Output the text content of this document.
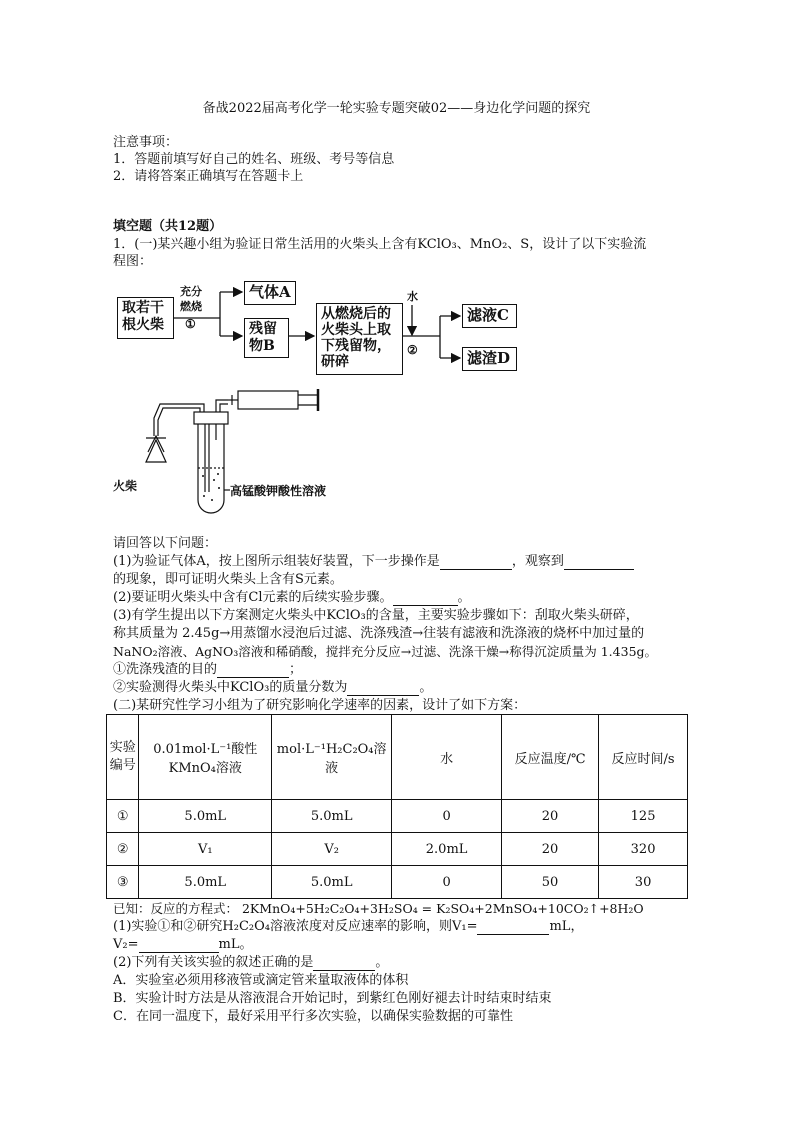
备战2022届高考化学一轮实验专题突破02——身边化学问题的探究
注意事项：
1．答题前填写好自己的姓名、班级、考号等信息
2．请将答案正确填写在答题卡上
填空题（共12题）
1．(一)某兴趣小组为验证日常生活用的火柴头上含有KClO₃、MnO₂、S，设计了以下实验流
程图：
取若干根火柴
充分
燃烧
①
气体A
残留物B
从燃烧后的火柴头上取下残留物，研碎
水
②
滤液C
滤渣D
火柴	高锰酸钾酸性溶液
请回答以下问题：
(1)为验证气体A，按上图所示组装好装置，下一步操作是	，观察到
的现象，即可证明火柴头上含有S元素。
(2)要证明火柴头中含有Cl元素的后续实验步骤。	。
(3)有学生提出以下方案测定火柴头中KClO₃的含量，主要实验步骤如下：刮取火柴头研碎，
称其质量为 2.45g→用蒸馏水浸泡后过滤、洗涤残渣→往装有滤液和洗涤液的烧杯中加过量的
NaNO₂溶液、AgNO₃溶液和稀硝酸，搅拌充分反应→过滤、洗涤干燥→称得沉淀质量为 1.435g。
①洗涤残渣的目的	；
②实验测得火柴头中KClO₃的质量分数为	。
(二)某研究性学习小组为了研究影响化学速率的因素，设计了如下方案：
实验编号	0.01mol·L⁻¹酸性KMnO₄溶液	mol·L⁻¹H₂C₂O₄溶液	水	反应温度/℃	反应时间/s
①	5.0mL	5.0mL	0	20	125
②	V₁	V₂	2.0mL	20	320
③	5.0mL	5.0mL	0	50	30
已知：反应的方程式： 2KMnO₄+5H₂C₂O₄+3H₂SO₄ = K₂SO₄+2MnSO₄+10CO₂↑+8H₂O
(1)实验①和②研究H₂C₂O₄溶液浓度对反应速率的影响，则V₁=	mL，
V₂=	mL。
(2)下列有关该实验的叙述正确的是	。
A．实验室必须用移液管或滴定管来量取液体的体积
B．实验计时方法是从溶液混合开始记时，到紫红色刚好褪去计时结束时结束
C．在同一温度下，最好采用平行多次实验，以确保实验数据的可靠性
